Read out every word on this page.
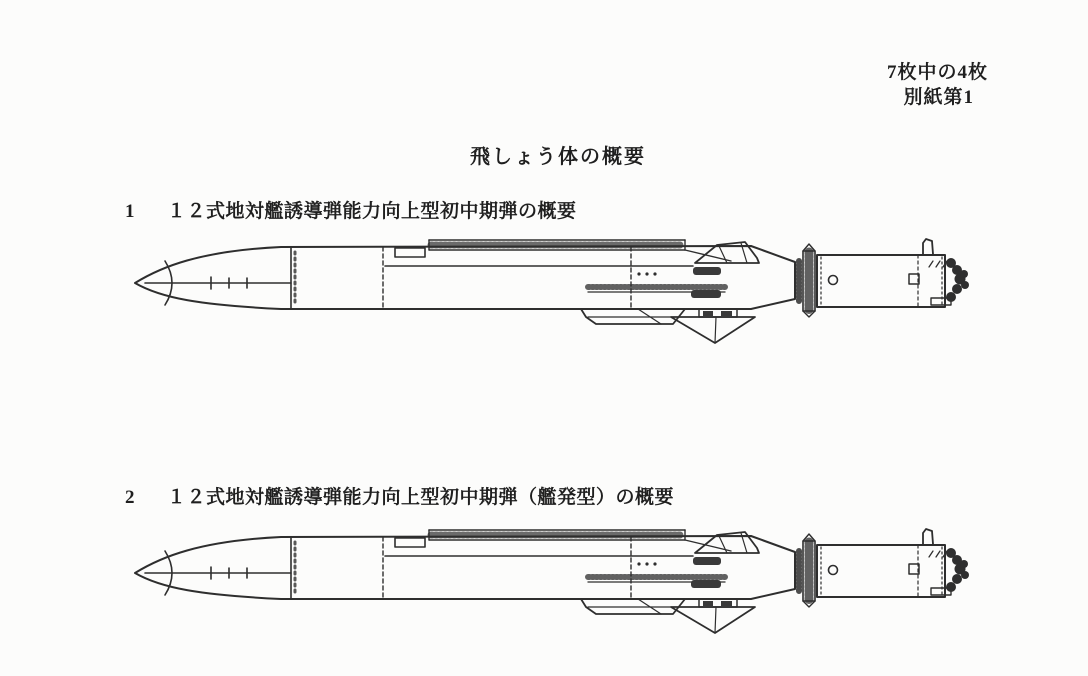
7枚中の4枚
別紙第1
飛しょう体の概要
1	１２式地対艦誘導弾能力向上型初中期弾の概要
2	１２式地対艦誘導弾能力向上型初中期弾（艦発型）の概要
